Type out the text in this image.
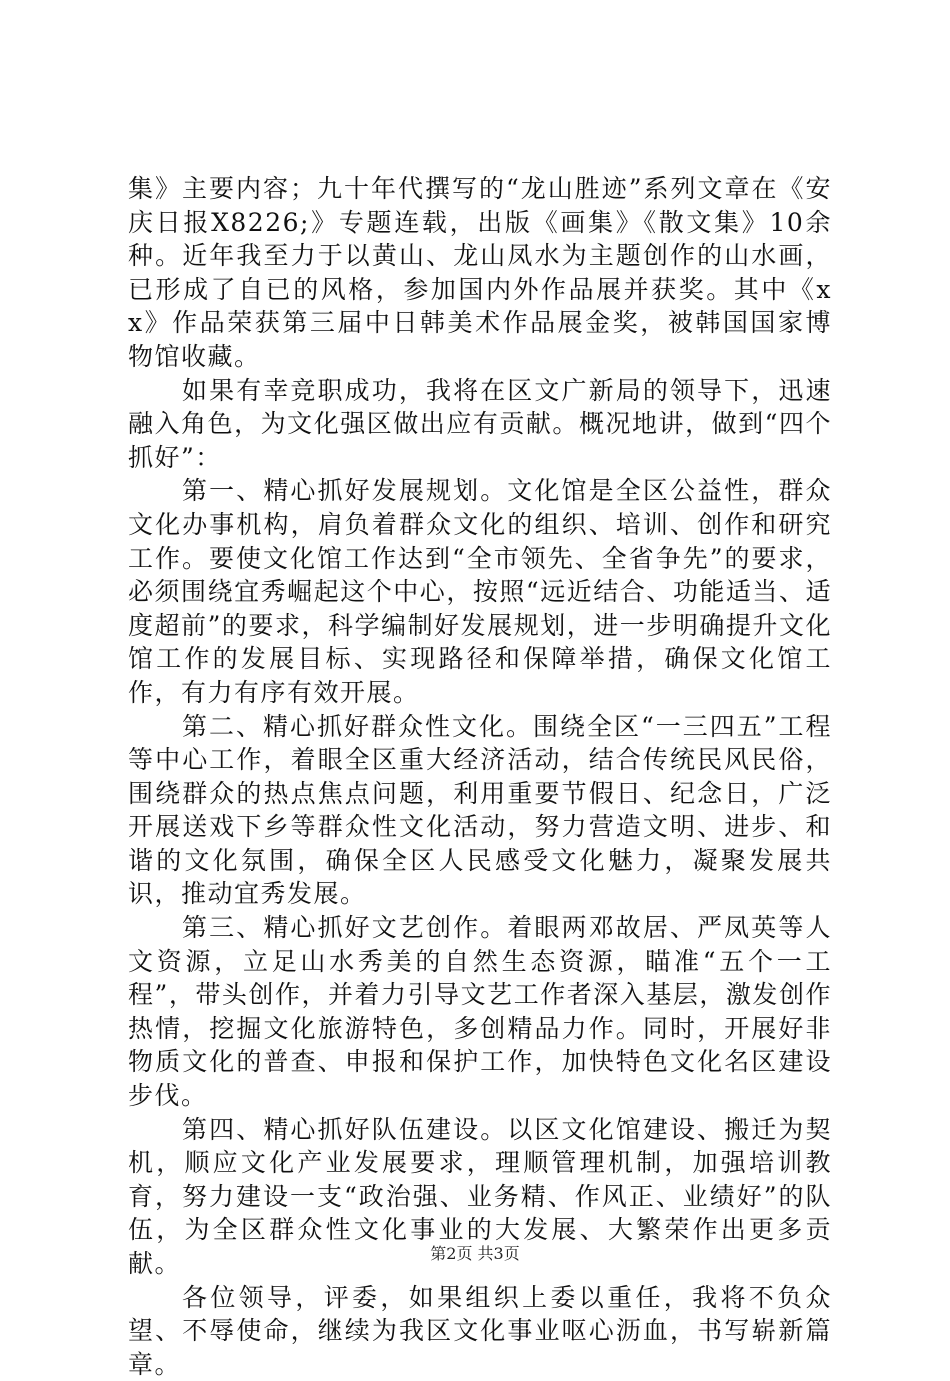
集》主要内容；九十年代撰写的“龙山胜迹”系列文章在《安庆日报X8226;》专题连载，出版《画集》《散文集》10余种。近年我至力于以黄山、龙山凤水为主题创作的山水画，已形成了自已的风格，参加国内外作品展并获奖。其中《xx》作品荣获第三届中日韩美术作品展金奖，被韩国国家博物馆收藏。

如果有幸竞职成功，我将在区文广新局的领导下，迅速融入角色，为文化强区做出应有贡献。概况地讲，做到“四个抓好”：

第一、精心抓好发展规划。文化馆是全区公益性，群众文化办事机构，肩负着群众文化的组织、培训、创作和研究工作。要使文化馆工作达到“全市领先、全省争先”的要求，必须围绕宜秀崛起这个中心，按照“远近结合、功能适当、适度超前”的要求，科学编制好发展规划，进一步明确提升文化馆工作的发展目标、实现路径和保障举措，确保文化馆工作，有力有序有效开展。

第二、精心抓好群众性文化。围绕全区“一三四五”工程等中心工作，着眼全区重大经济活动，结合传统民风民俗，围绕群众的热点焦点问题，利用重要节假日、纪念日，广泛开展送戏下乡等群众性文化活动，努力营造文明、进步、和谐的文化氛围，确保全区人民感受文化魅力，凝聚发展共识，推动宜秀发展。

第三、精心抓好文艺创作。着眼两邓故居、严凤英等人文资源，立足山水秀美的自然生态资源，瞄准“五个一工程”，带头创作，并着力引导文艺工作者深入基层，激发创作热情，挖掘文化旅游特色，多创精品力作。同时，开展好非物质文化的普查、申报和保护工作，加快特色文化名区建设步伐。

第四、精心抓好队伍建设。以区文化馆建设、搬迁为契机，顺应文化产业发展要求，理顺管理机制，加强培训教育，努力建设一支“政治强、业务精、作风正、业绩好”的队伍，为全区群众性文化事业的大发展、大繁荣作出更多贡献。

各位领导，评委，如果组织上委以重任，我将不负众望、不辱使命，继续为我区文化事业呕心沥血，书写崭新篇章。

第2页 共3页
